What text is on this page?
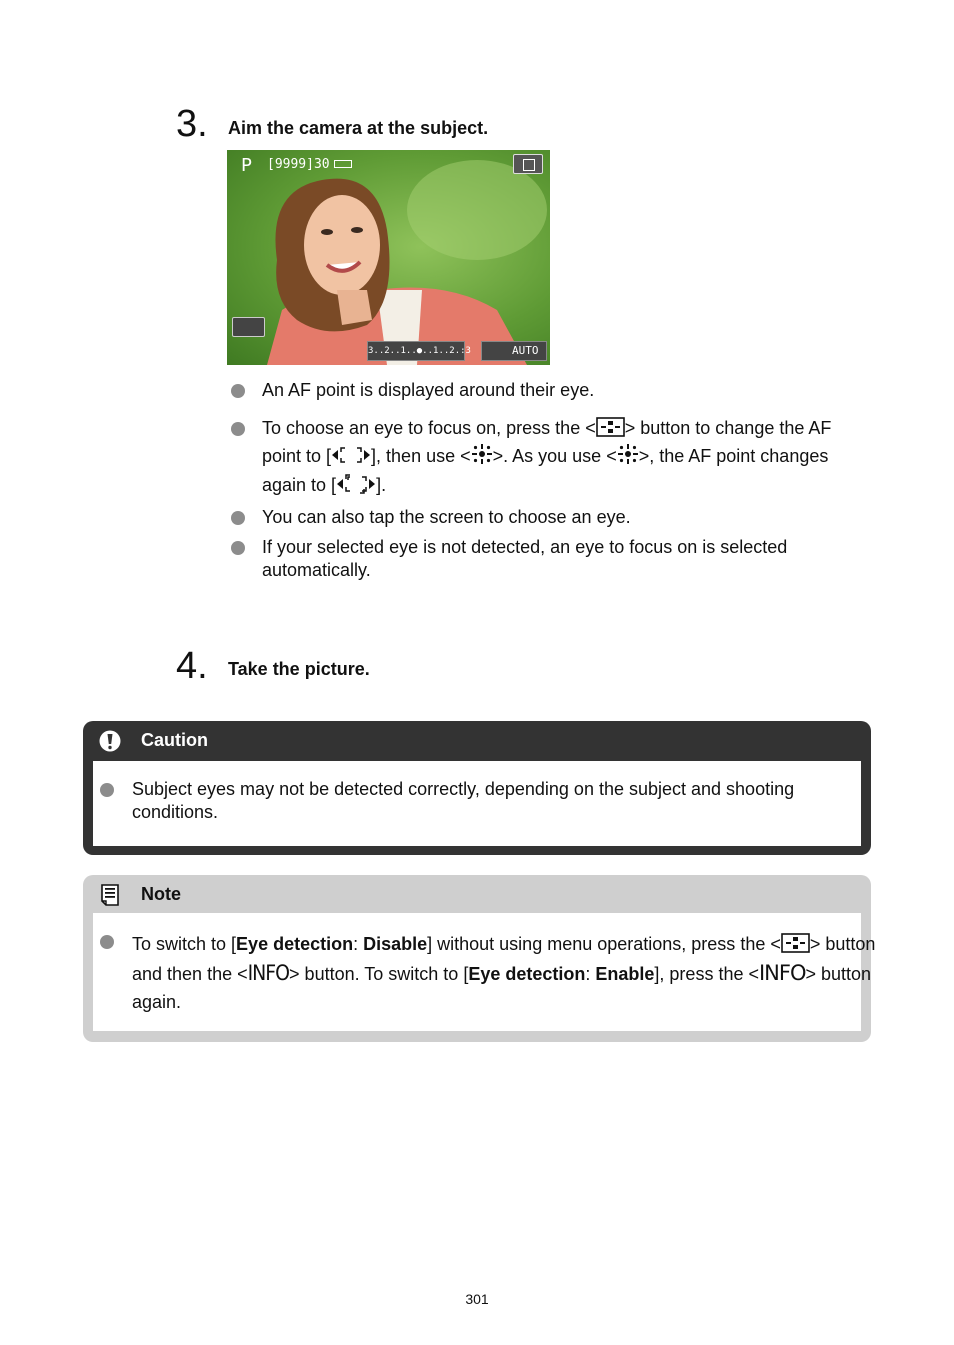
3. Aim the camera at the subject.
P [9999]30
3..2..1..●..1..2.:3	AUTO
An AF point is displayed around their eye.
To choose an eye to focus on, press the < > button to change the AF point to [ ], then use < >. As you use < >, the AF point changes again to [ ].
You can also tap the screen to choose an eye.
If your selected eye is not detected, an eye to focus on is selected automatically.
4. Take the picture.
Caution
Subject eyes may not be detected correctly, depending on the subject and shooting conditions.
Note
To switch to [Eye detection: Disable] without using menu operations, press the < > button and then the <INFO> button. To switch to [Eye detection: Enable], press the <INFO> button again.
301
